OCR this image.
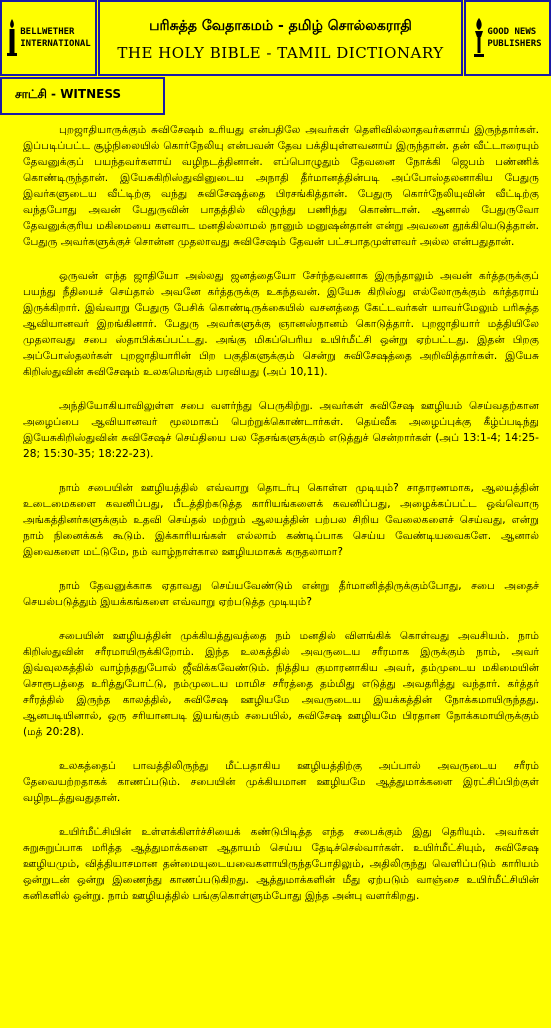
BELLWETHER
INTERNATIONAL
பரிசுத்த வேதாகமம் - தமிழ் சொல்லகராதி
THE HOLY BIBLE - TAMIL DICTIONARY
GOOD NEWS
PUBLISHERS
சாட்சி - WITNESS

புறஜாதியாருக்கும் சுவிசேஷம் உரியது என்பதிலே அவர்கள் தெளிவில்லாதவர்களாய் இருந்தார்கள். இப்படிப்பட்ட சூழ்நிலையில் கொர்நேலியு என்பவன் தேவ பக்தியுள்ளவனாய் இருந்தான். தன் வீட்டாரையும் தேவனுக்குப் பயந்தவர்களாய் வழிநடத்தினான். எப்பொழுதும் தேவனை நோக்கி ஜெபம் பண்ணிக் கொண்டிருந்தான். இயேசுகிறிஸ்துவினுடைய அநாதி தீர்மானத்தின்படி அப்போஸ்தலனாகிய பேதுரு இவர்களுடைய வீட்டிற்கு வந்து சுவிசேஷத்தை பிரசங்கித்தான். பேதுரு கொர்நேலியுவின் வீட்டிற்கு வந்தபோது அவன் பேதுருவின் பாதத்தில் விழுந்து பணிந்து கொண்டான். ஆனால் பேதுருவோ தேவனுக்குரிய மகிமையை களவாட மனதில்லாமல் நானும் மனுஷன்தான் என்று அவனை தூக்கியெடுத்தான். பேதுரு அவர்களுக்குச் சொன்ன முதலாவது சுவிசேஷம் தேவன் பட்சபாதமுள்ளவர் அல்ல என்பதுதான்.

ஒருவன் எந்த ஜாதியோ அல்லது ஜனத்தையோ சேர்ந்தவனாக இருந்தாலும் அவன் கர்த்தருக்குப் பயந்து நீதியைச் செய்தால் அவனே கர்த்தருக்கு உகந்தவன். இயேசு கிறிஸ்து எல்லோருக்கும் கர்த்தராய் இருக்கிறார். இவ்வாறு பேதுரு பேசிக் கொண்டிருக்கையில் வசனத்தை கேட்டவர்கள் யாவர்மேலும் பரிசுத்த ஆவியானவர் இறங்கினார். பேதுரு அவர்களுக்கு ஞானஸ்நானம் கொடுத்தார். புறஜாதியார் மத்தியிலே முதலாவது சபை ஸ்தாபிக்கப்பட்டது. அங்கு மிகப்பெரிய உயிர்மீட்சி ஒன்று ஏற்பட்டது. இதன் பிறகு அப்போஸ்தலர்கள் புறஜாதியாரின் பிற பகுதிகளுக்கும் சென்று சுவிசேஷத்தை அறிவித்தார்கள். இயேசு கிறிஸ்துவின் சுவிசேஷம் உலகமெங்கும் பரவியது (அப் 10,11).

அந்தியோகியாவிலுள்ள சபை வளர்ந்து பெருகிற்று. அவர்கள் சுவிசேஷ ஊழியம் செய்வதற்கான அழைப்பை ஆவியானவர் மூலமாகப் பெற்றுக்கொண்டார்கள். தெய்வீக அழைப்புக்கு கீழ்ப்படிந்து இயேசுகிறிஸ்துவின் சுவிசேஷச் செய்தியை பல தேசங்களுக்கும் எடுத்துச் சென்றார்கள் (அப் 13:1-4; 14:25-28; 15:30-35; 18:22-23).

நாம் சபையின் ஊழியத்தில் எவ்வாறு தொடர்பு கொள்ள முடியும்? சாதாரணமாக, ஆலயத்தின் உடைமைகளை கவனிப்பது, பீடத்திற்கடுத்த காரியங்களைக் கவனிப்பது, அழைக்கப்பட்ட ஒவ்வொரு அங்கத்தினர்களுக்கும் உதவி செய்தல் மற்றும் ஆலயத்தின் பற்பல சிறிய வேலைகளைச் செய்வது, என்று நாம் நினைக்கக் கூடும். இக்காரியங்கள் எல்லாம் கண்டிப்பாக செய்ய வேண்டியவைகளே. ஆனால் இவைகளை மட்டுமே, நம் வாழ்நாள்கால ஊழியமாகக் கருதலாமா?

நாம் தேவனுக்காக ஏதாவது செய்யவேண்டும் என்று தீர்மானித்திருக்கும்போது, சபை அதைச் செயல்படுத்தும் இயக்கங்களை எவ்வாறு ஏற்படுத்த முடியும்?

சபையின் ஊழியத்தின் முக்கியத்துவத்தை நம் மனதில் விளங்கிக் கொள்வது அவசியம். நாம் கிறிஸ்துவின் சரீரமாயிருக்கிறோம். இந்த உலகத்தில் அவருடைய சரீரமாக இருக்கும் நாம், அவர் இவ்வுலகத்தில் வாழ்ந்ததுபோல் ஜீவிக்கவேண்டும். நித்திய குமாரனாகிய அவர், தம்முடைய மகிமையின் சொரூபத்தை உரித்துபோட்டு, நம்முடைய மாமிச சரீரத்தை தம்மிது எடுத்து அவதரித்து வந்தார். கர்த்தர் சரீரத்தில் இருந்த காலத்தில், சுவிசேஷ ஊழியமே அவருடைய இயக்கத்தின் நோக்கமாயிருந்தது. ஆனபடியினால், ஒரு சரியானபடி இயங்கும் சபையில், சுவிசேஷ ஊழியமே பிரதான நோக்கமாயிருக்கும் (மத் 20:28).

உலகத்தைப் பாவத்திலிருந்து மீட்பதாகிய ஊழியத்திற்கு அப்பால் அவருடைய சரீரம் தேவையற்றதாகக் காணப்படும். சபையின் முக்கியமான ஊழியமே ஆத்துமாக்களை இரட்சிப்பிற்குள் வழிநடத்துவதுதான்.

உயிர்மீட்சியின் உள்ளக்கிளர்ச்சியைக் கண்டுபிடித்த எந்த சபைக்கும் இது தெரியும். அவர்கள் சுறுசுறுப்பாக மரித்த ஆத்துமாக்களை ஆதாயம் செய்ய தேடிச்செல்வார்கள். உயிர்மீட்சியும், சுவிசேஷ ஊழியமும், வித்தியாசமான தன்மையுடையவைகளாயிருந்தபோதிலும், அதிலிருந்து வெளிப்படும் காரியம் ஒன்றுடன் ஒன்று இணைந்து காணப்படுகிறது. ஆத்துமாக்களின் மீது ஏற்படும் வாஞ்சை உயிர்மீட்சியின் கனிகளில் ஒன்று. நாம் ஊழியத்தில் பங்குகொள்ளும்போது இந்த அன்பு வளர்கிறது.
